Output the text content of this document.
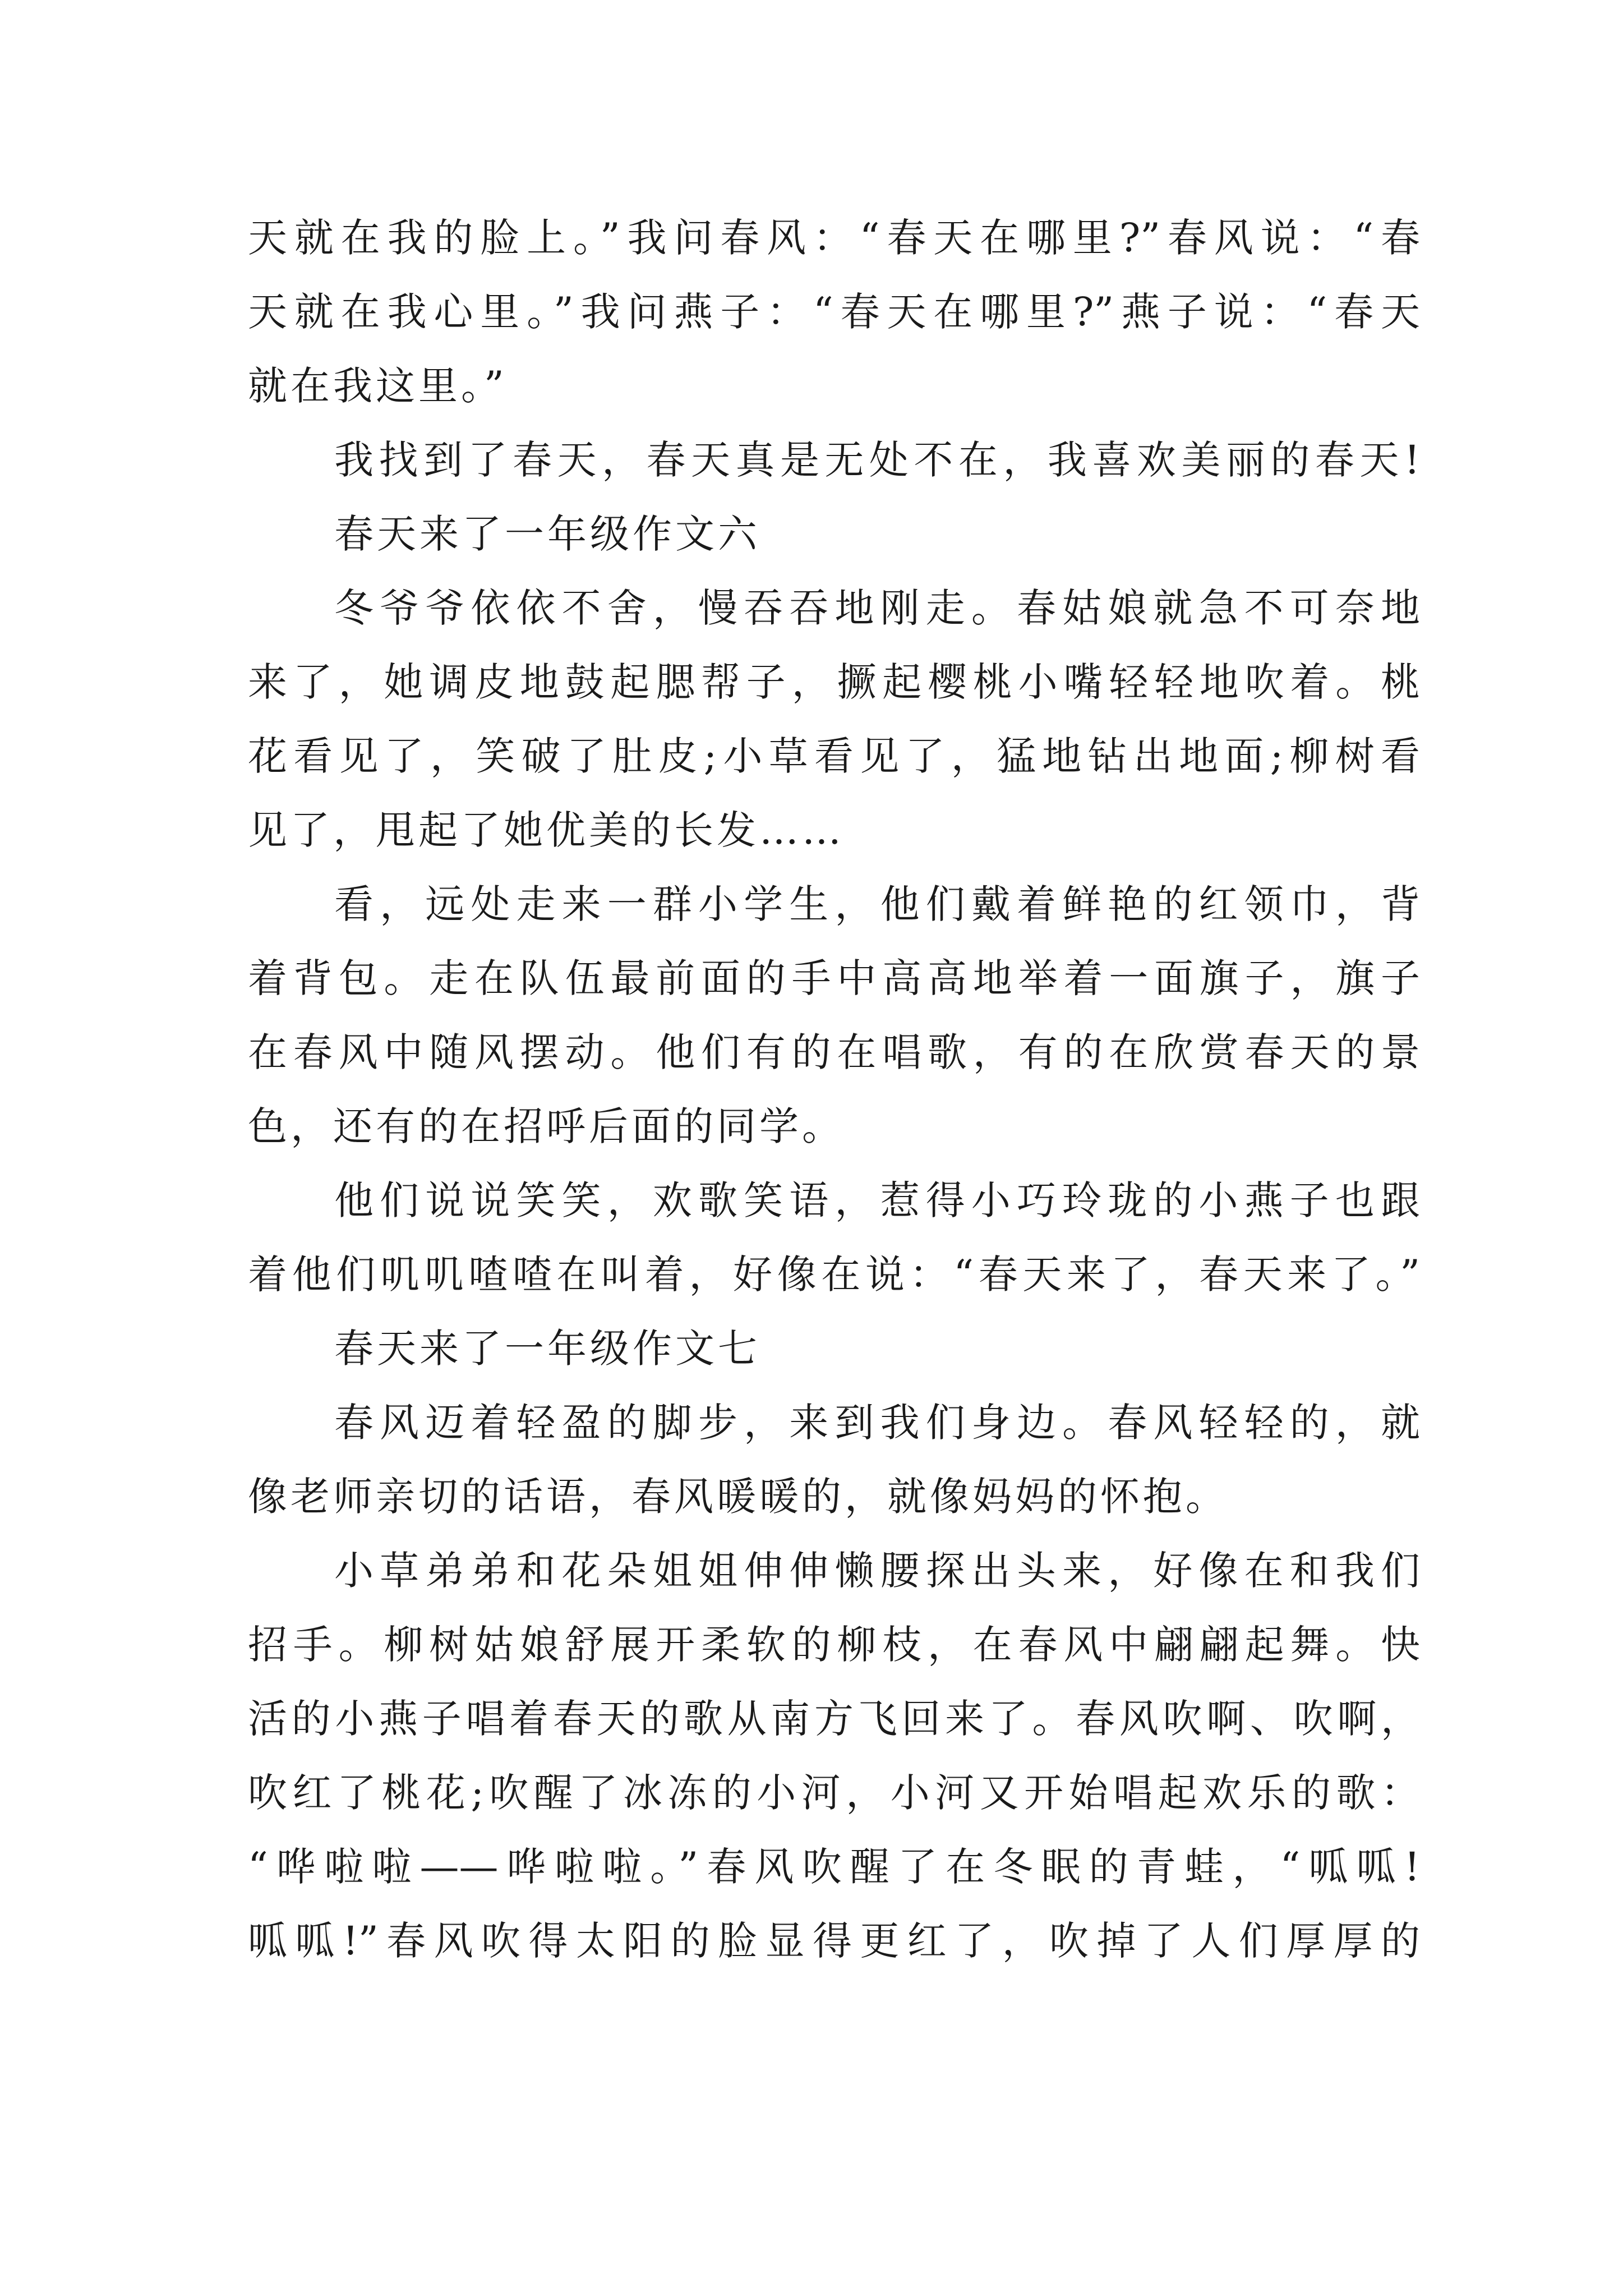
天就在我的脸上。”我问春风：“春天在哪里?”春风说：“春
天就在我心里。”我问燕子：“春天在哪里?”燕子说：“春天
就在我这里。”
我找到了春天，春天真是无处不在，我喜欢美丽的春天!
春天来了一年级作文六
冬爷爷依依不舍，慢吞吞地刚走。春姑娘就急不可奈地
来了，她调皮地鼓起腮帮子，撅起樱桃小嘴轻轻地吹着。桃
花看见了，笑破了肚皮;小草看见了，猛地钻出地面;柳树看
见了，甩起了她优美的长发……
看，远处走来一群小学生，他们戴着鲜艳的红领巾，背
着背包。走在队伍最前面的手中高高地举着一面旗子，旗子
在春风中随风摆动。他们有的在唱歌，有的在欣赏春天的景
色，还有的在招呼后面的同学。
他们说说笑笑，欢歌笑语，惹得小巧玲珑的小燕子也跟
着他们叽叽喳喳在叫着，好像在说：“春天来了，春天来了。”
春天来了一年级作文七
春风迈着轻盈的脚步，来到我们身边。春风轻轻的，就
像老师亲切的话语，春风暖暖的，就像妈妈的怀抱。
小草弟弟和花朵姐姐伸伸懒腰探出头来，好像在和我们
招手。柳树姑娘舒展开柔软的柳枝，在春风中翩翩起舞。快
活的小燕子唱着春天的歌从南方飞回来了。春风吹啊、吹啊，
吹红了桃花;吹醒了冰冻的小河，小河又开始唱起欢乐的歌：
“哗啦啦——哗啦啦。”春风吹醒了在冬眠的青蛙，“呱呱!
呱呱!”春风吹得太阳的脸显得更红了，吹掉了人们厚厚的
